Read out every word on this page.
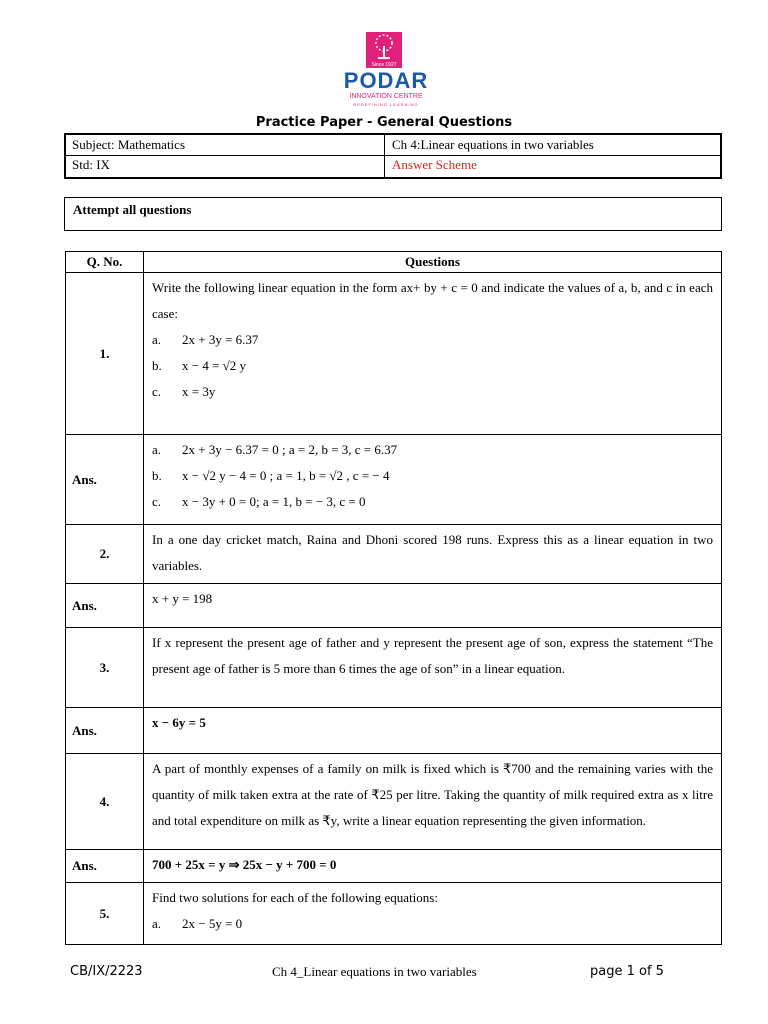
Since 1927
PODAR
INNOVATION CENTRE
REDEFINING LEARNING
Practice Paper - General Questions
Subject: Mathematics	Ch 4:Linear equations in two variables
Std: IX	Answer Scheme
Attempt all questions
Q. No.	Questions
1.	Write the following linear equation in the form ax+ by + c = 0 and indicate the values of a, b, and c in each case:
a. 2x + 3y = 6.37
b. x − 4 = √2 y
c. x = 3y

Ans.	a. 2x + 3y − 6.37 = 0 ; a = 2, b = 3, c = 6.37
b. x − √2 y − 4 = 0 ; a = 1, b = √2 , c = − 4
c. x − 3y + 0 = 0; a = 1, b = − 3, c = 0

2.	In a one day cricket match, Raina and Dhoni scored 198 runs. Express this as a linear equation in two variables.

Ans.	x + y = 198

3.	If x represent the present age of father and y represent the present age of son, express the statement “The present age of father is 5 more than 6 times the age of son” in a linear equation.

Ans.	x − 6y = 5

4.	A part of monthly expenses of a family on milk is fixed which is ₹700 and the remaining varies with the quantity of milk taken extra at the rate of ₹25 per litre. Taking the quantity of milk required extra as x litre and total expenditure on milk as ₹y, write a linear equation representing the given information.

Ans.	700 + 25x = y ⇒ 25x − y + 700 = 0

5.	Find two solutions for each of the following equations:
a. 2x − 5y = 0
CB/IX/2223	Ch 4_Linear equations in two variables	page 1 of 5
